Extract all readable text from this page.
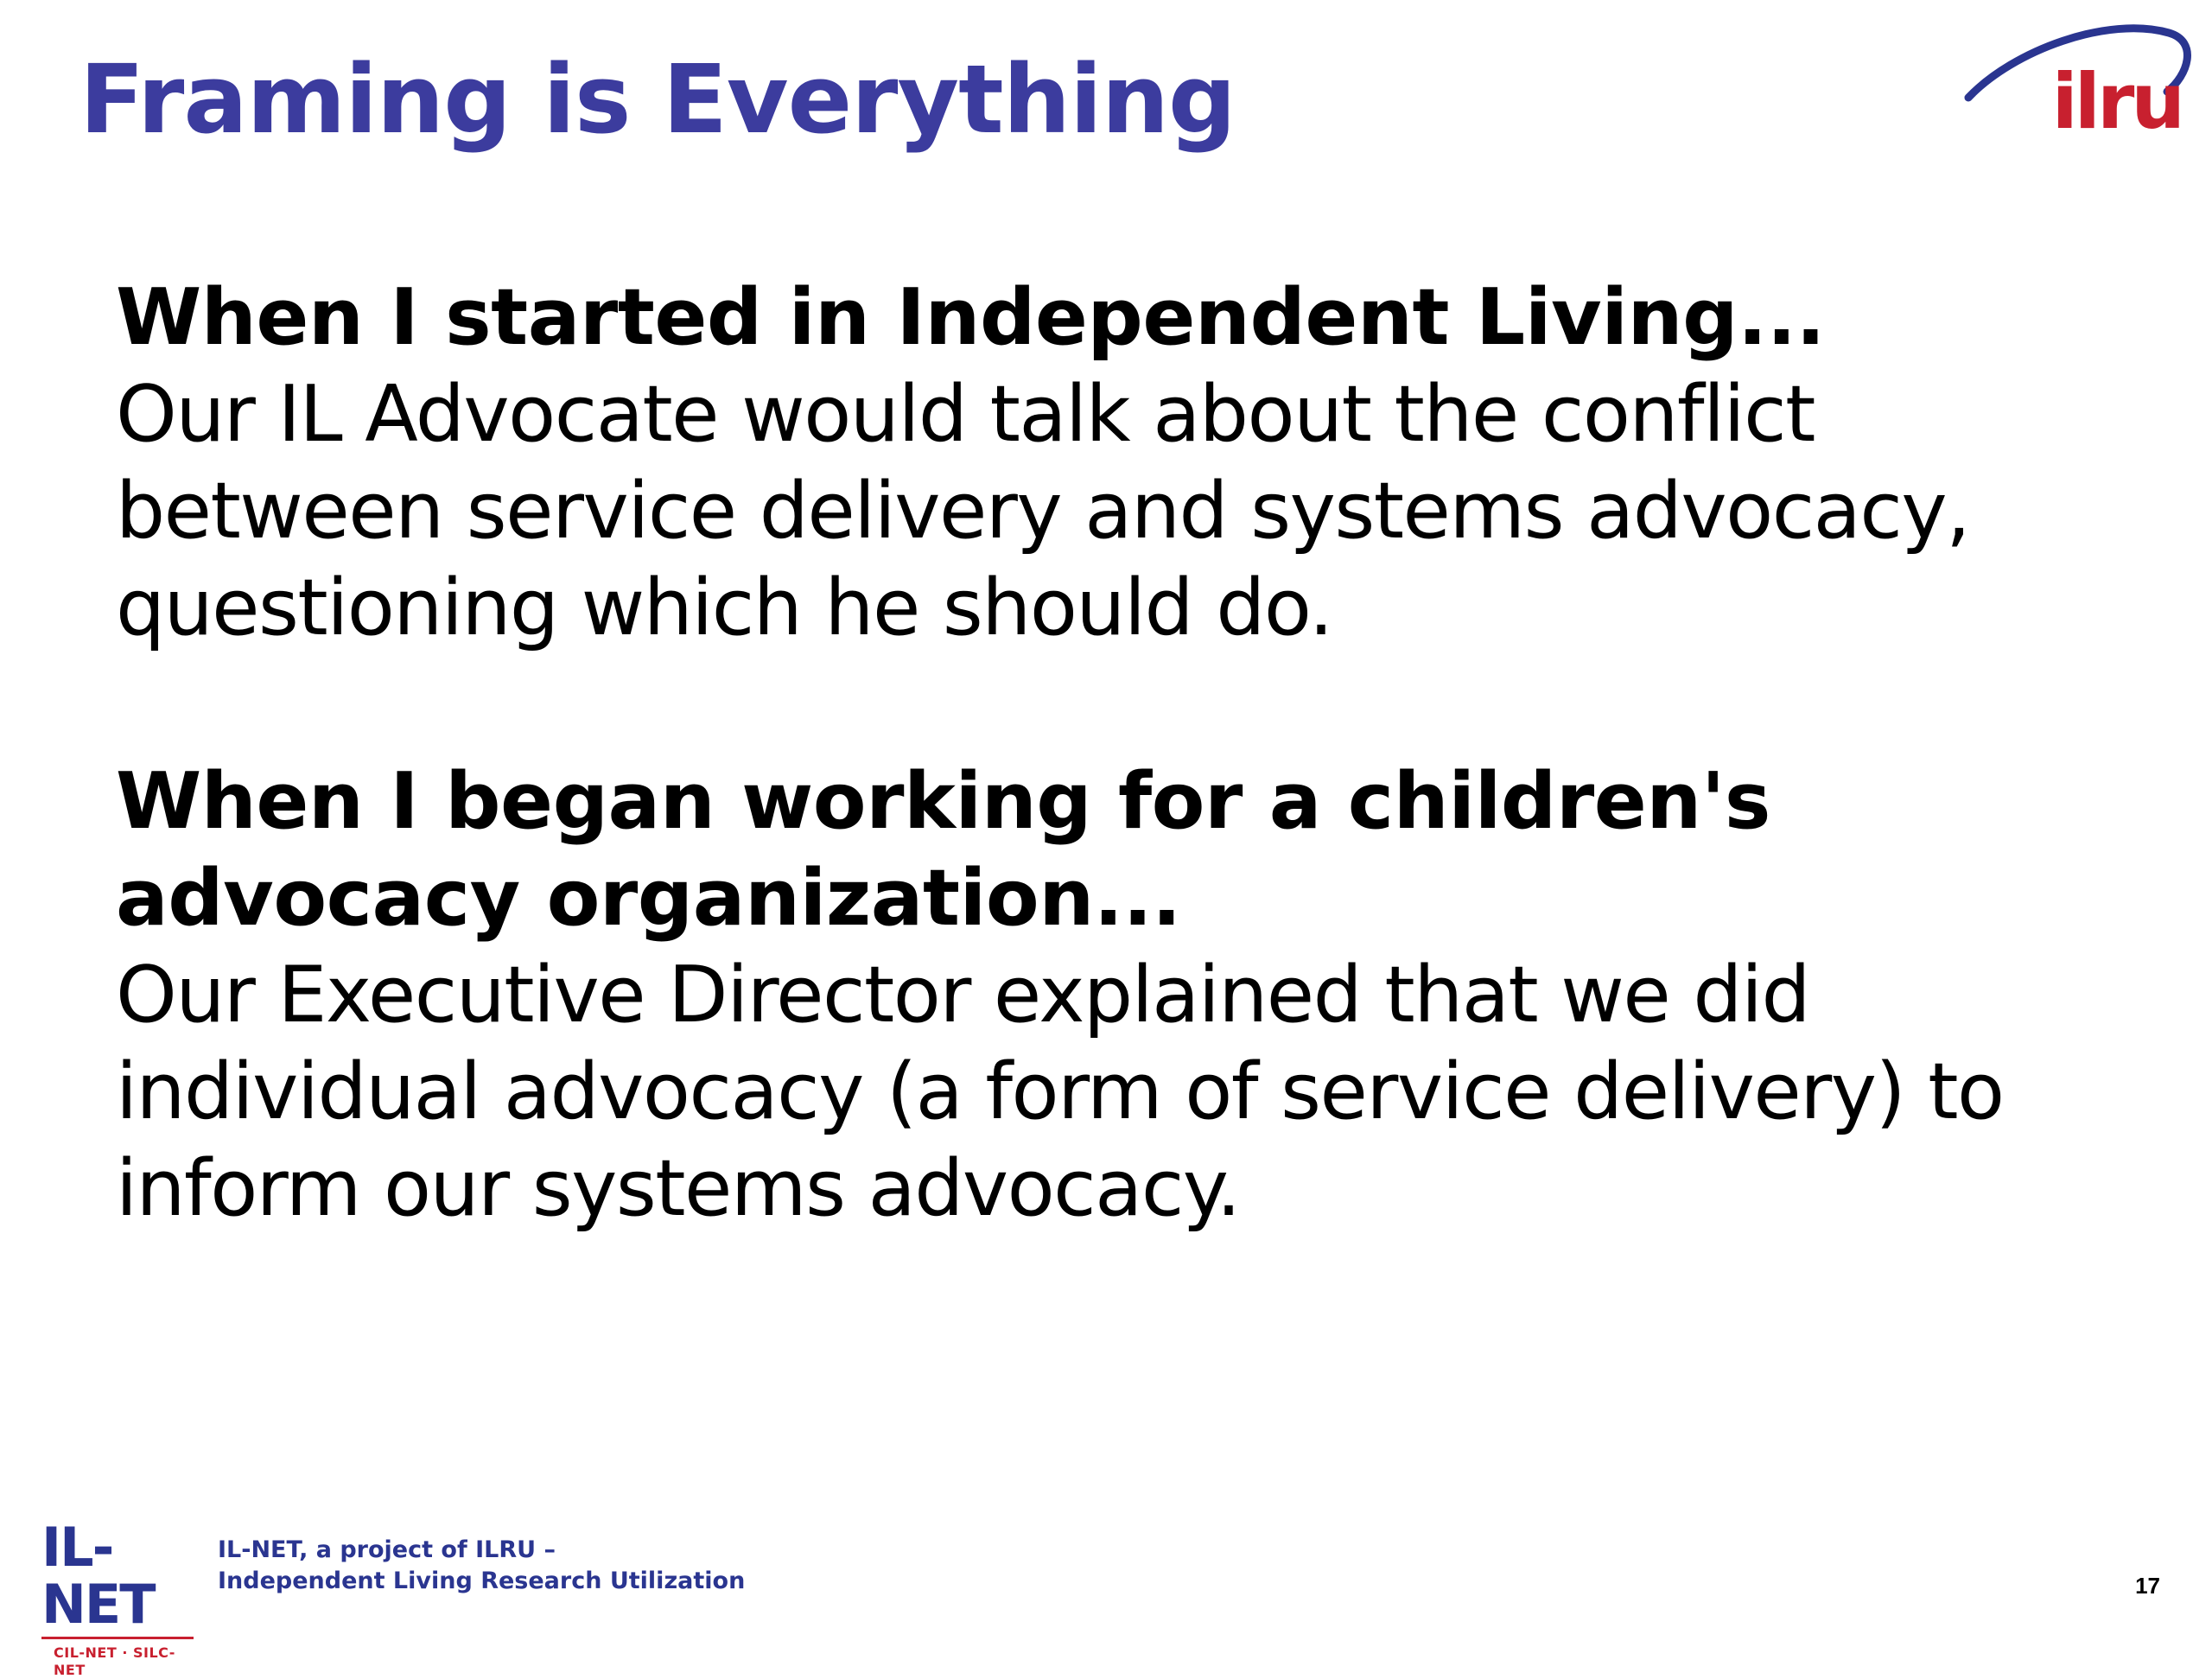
Framing is Everything	ilru
When I started in Independent Living...
Our IL Advocate would talk about the conflict between service delivery and systems advocacy, questioning which he should do.
When I began working for a children's advocacy organization...
Our Executive Director explained that we did individual advocacy (a form of service delivery) to inform our systems advocacy.
IL-NET
CIL-NET · SILC-NET
IL-NET, a project of ILRU –
Independent Living Research Utilization	17
